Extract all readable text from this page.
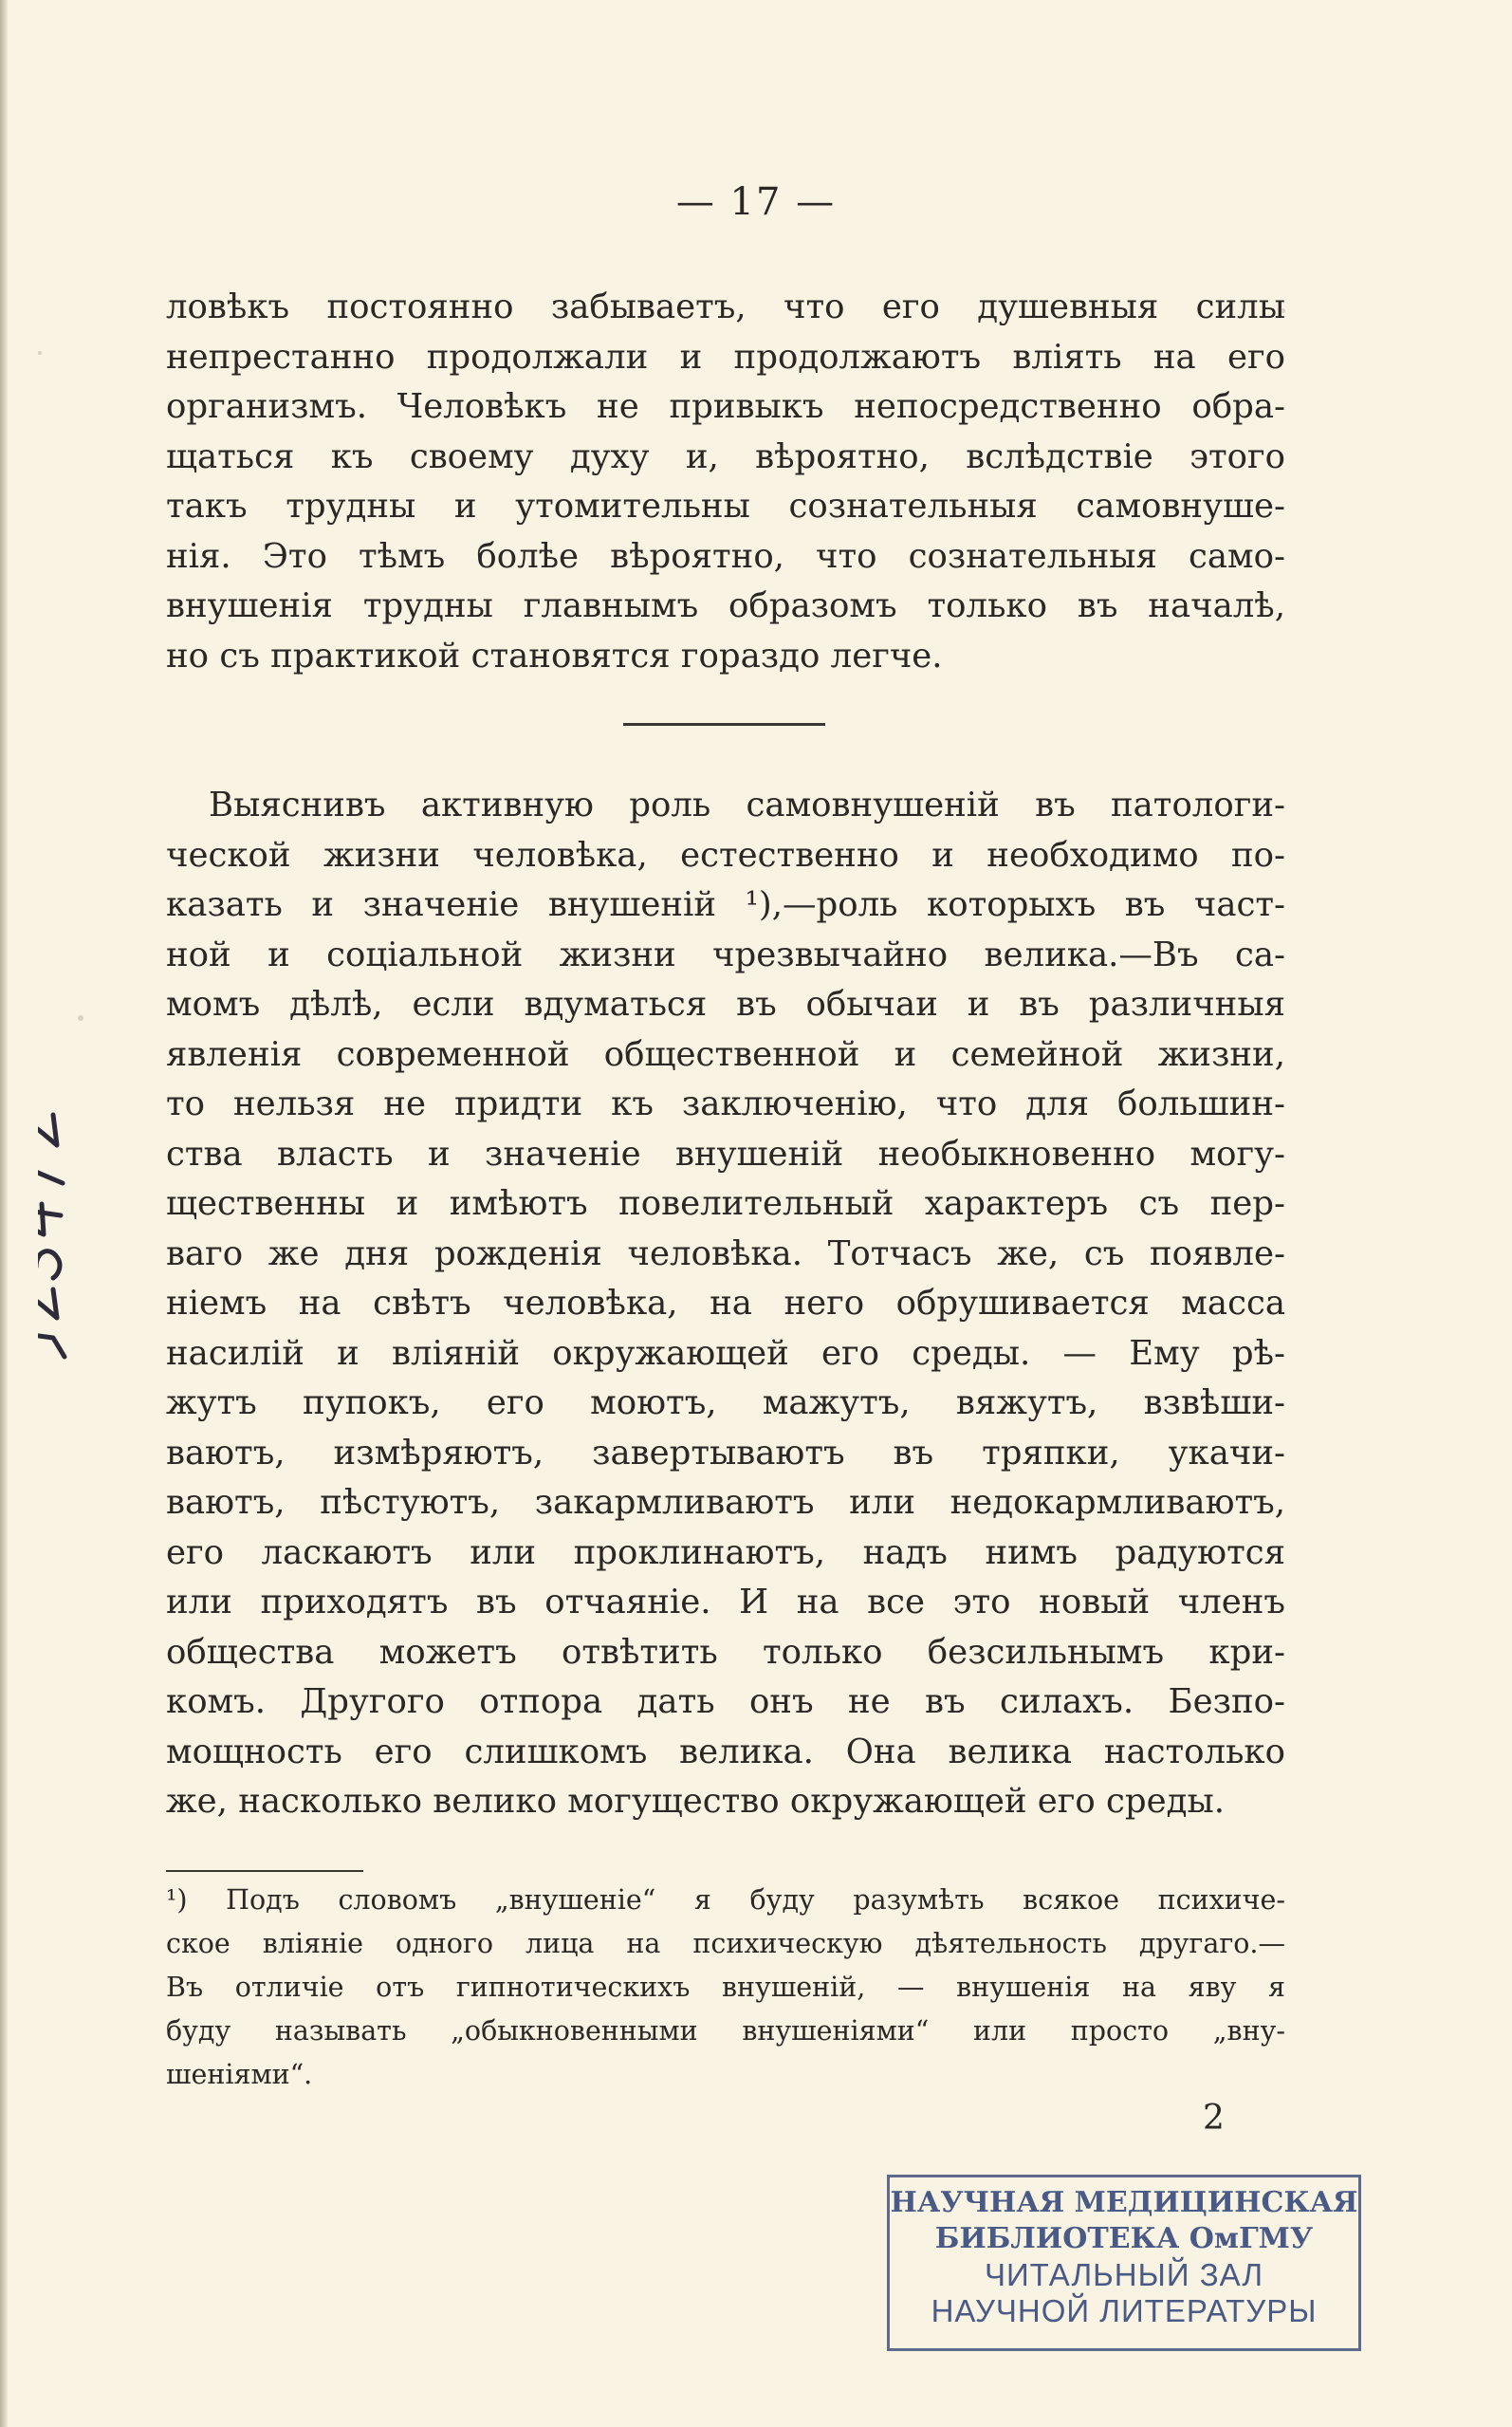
— 17 —
ловѣкъ постоянно забываетъ, что его душевныя силы
непрестанно продолжали и продолжаютъ вліять на его
организмъ. Человѣкъ не привыкъ непосредственно обра-
щаться къ своему духу и, вѣроятно, вслѣдствіе этого
такъ трудны и утомительны сознательныя самовнуше-
нія. Это тѣмъ болѣе вѣроятно, что сознательныя само-
внушенія трудны главнымъ образомъ только въ началѣ,
но съ практикой становятся гораздо легче.
Выяснивъ активную роль самовнушеній въ патологи-
ческой жизни человѣка, естественно и необходимо по-
казать и значеніе внушеній ¹),—роль которыхъ въ част-
ной и соціальной жизни чрезвычайно велика.—Въ са-
момъ дѣлѣ, если вдуматься въ обычаи и въ различныя
явленія современной общественной и семейной жизни,
то нельзя не придти къ заключенію, что для большин-
ства власть и значеніе внушеній необыкновенно могу-
щественны и имѣютъ повелительный характеръ съ пер-
ваго же дня рожденія человѣка. Тотчасъ же, съ появле-
ніемъ на свѣтъ человѣка, на него обрушивается масса
насилій и вліяній окружающей его среды. — Ему рѣ-
жутъ пупокъ, его моютъ, мажутъ, вяжутъ, взвѣши-
ваютъ, измѣряютъ, завертываютъ въ тряпки, укачи-
ваютъ, пѣстуютъ, закармливаютъ или недокармливаютъ,
его ласкаютъ или проклинаютъ, надъ нимъ радуются
или приходятъ въ отчаяніе. И на все это новый членъ
общества можетъ отвѣтить только безсильнымъ кри-
комъ. Другого отпора дать онъ не въ силахъ. Безпо-
мощность его слишкомъ велика. Она велика настолько
же, насколько велико могущество окружающей его среды.
¹) Подъ словомъ „внушеніе“ я буду разумѣть всякое психиче-
ское вліяніе одного лица на психическую дѣятельность другаго.—
Въ отличіе отъ гипнотическихъ внушеній, — внушенія на яву я
буду называть „обыкновенными внушеніями“ или просто „вну-
шеніями“.
2
НАУЧНАЯ МЕДИЦИНСКАЯ
БИБЛИОТЕКА ОмГМУ
ЧИТАЛЬНЫЙ ЗАЛ
НАУЧНОЙ ЛИТЕРАТУРЫ
